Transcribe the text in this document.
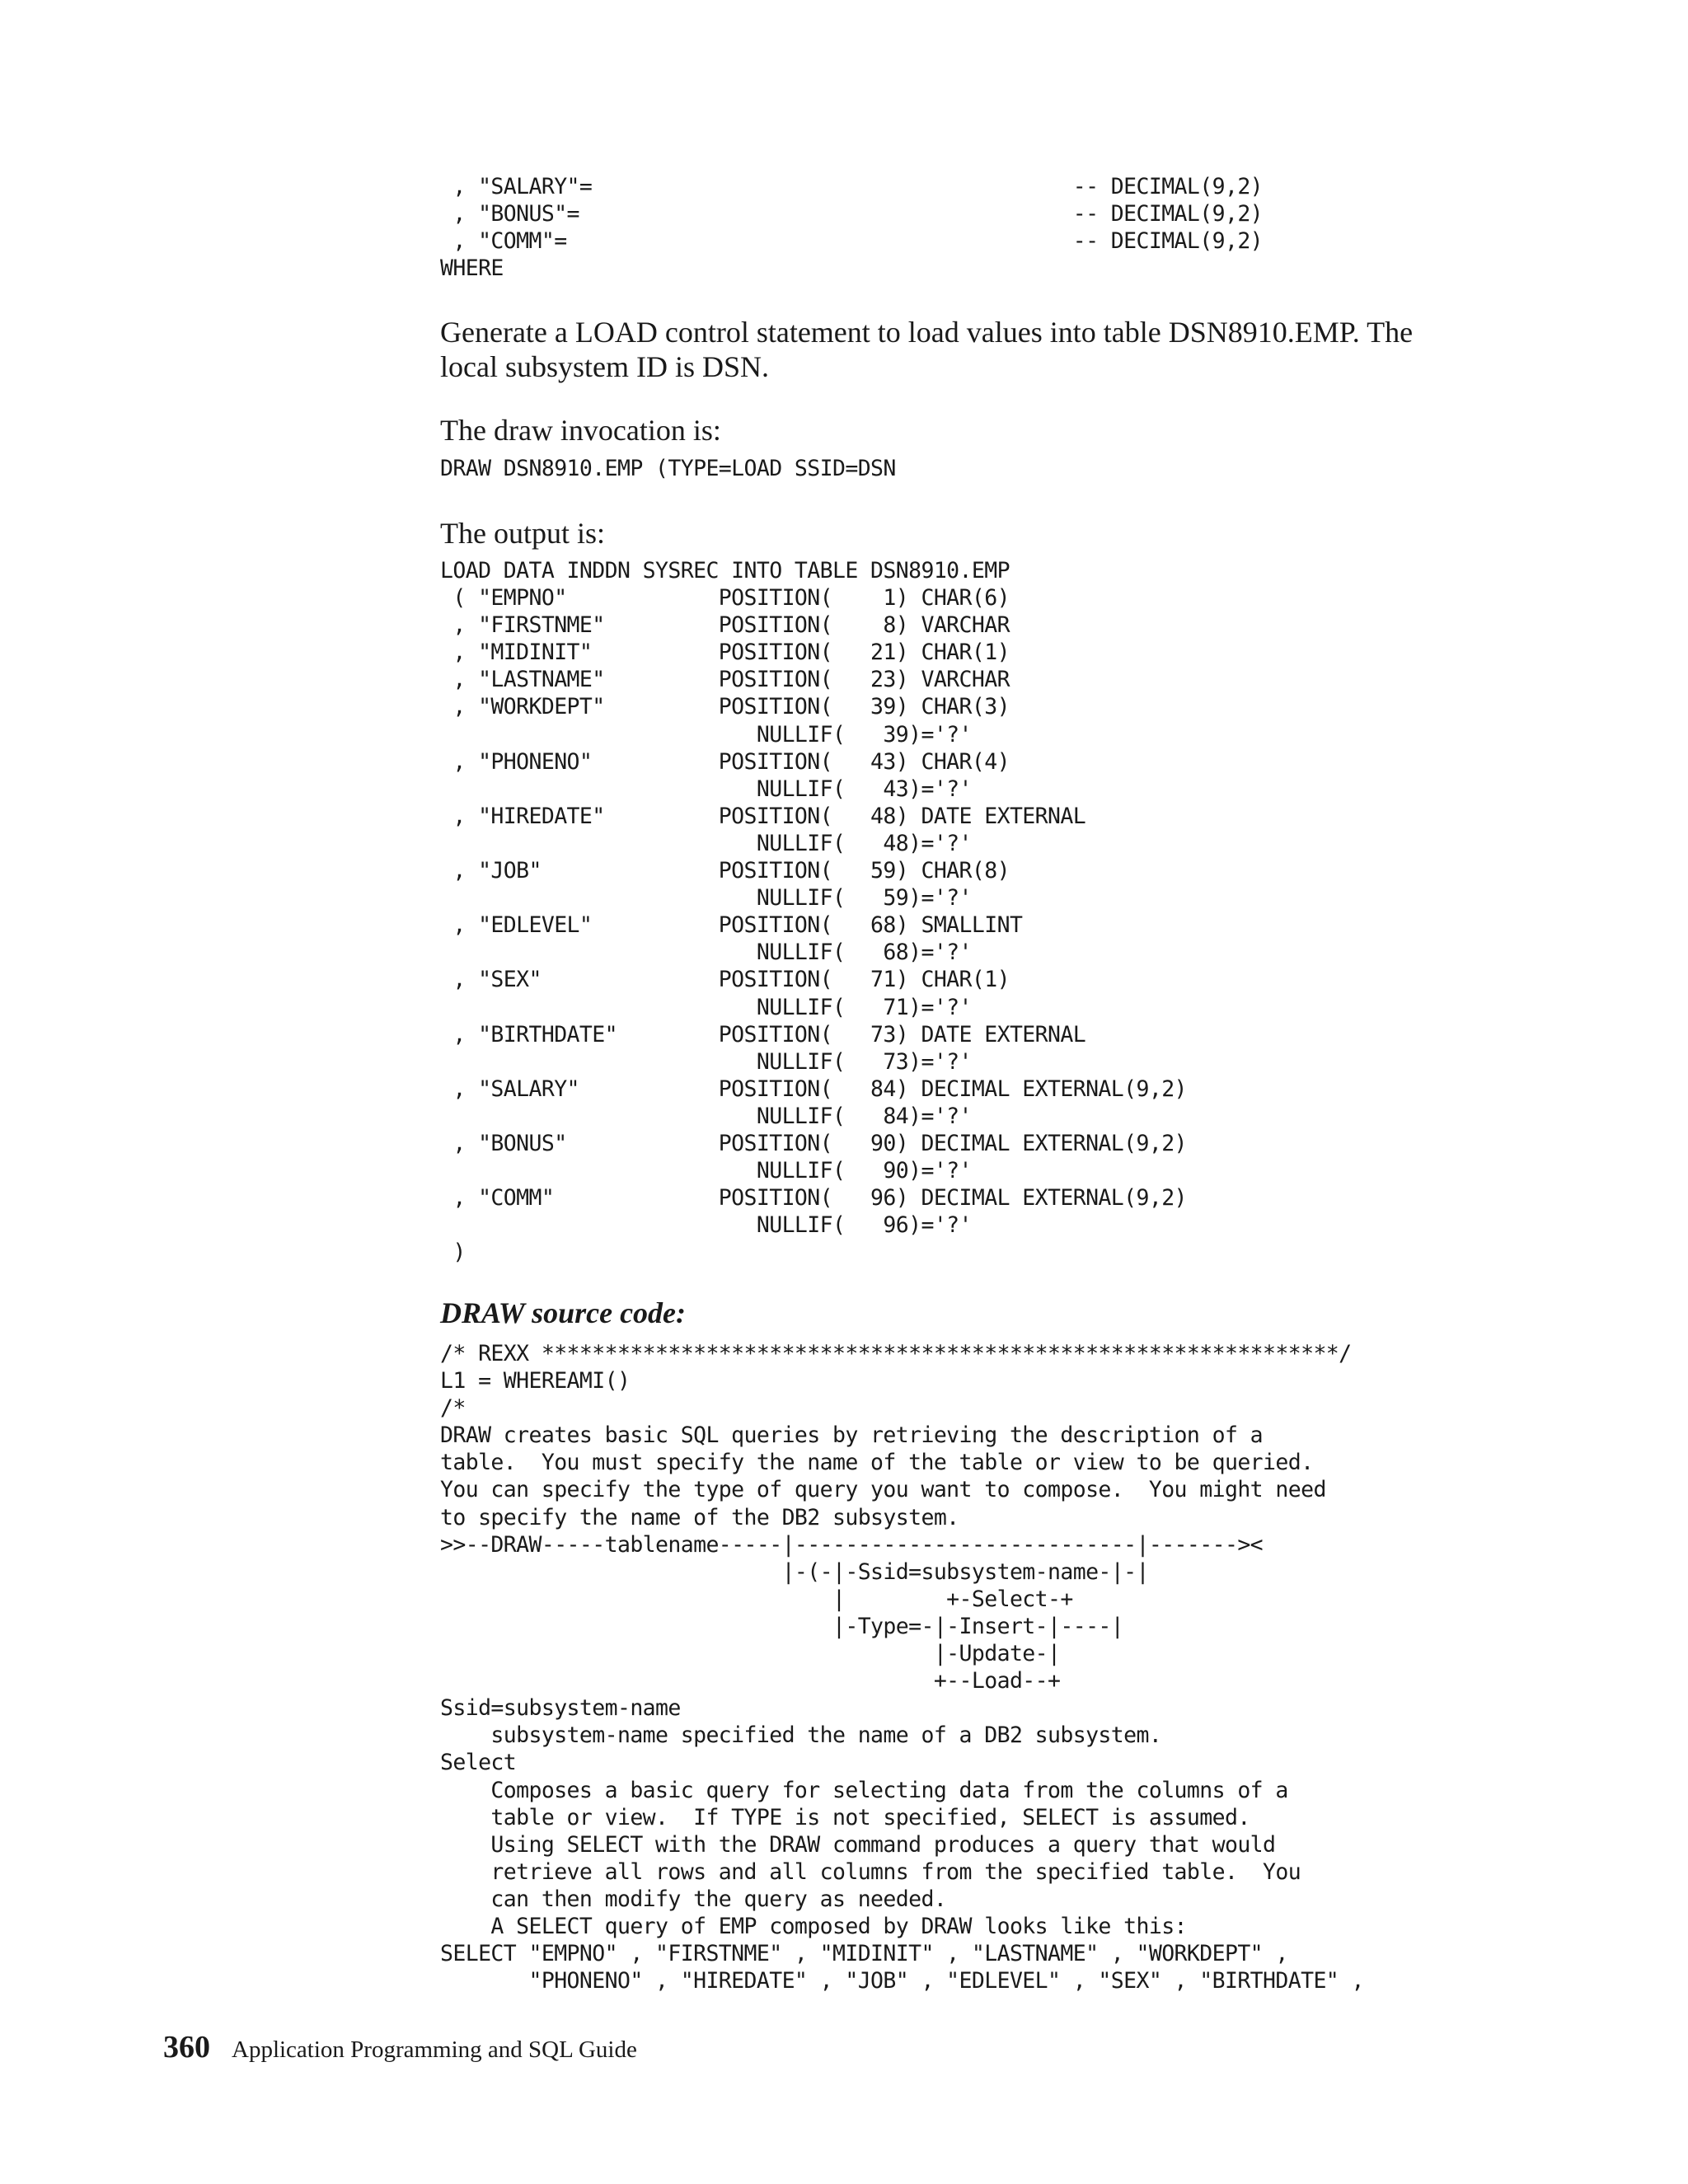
, "SALARY"=                                      -- DECIMAL(9,2)
, "BONUS"=                                       -- DECIMAL(9,2)
, "COMM"=                                        -- DECIMAL(9,2)
WHERE

Generate a LOAD control statement to load values into table DSN8910.EMP. The local subsystem ID is DSN.

The draw invocation is:

DRAW DSN8910.EMP (TYPE=LOAD SSID=DSN

The output is:

LOAD DATA INDDN SYSREC INTO TABLE DSN8910.EMP
( "EMPNO"            POSITION(    1) CHAR(6)
, "FIRSTNME"         POSITION(    8) VARCHAR
, "MIDINIT"          POSITION(   21) CHAR(1)
, "LASTNAME"         POSITION(   23) VARCHAR
, "WORKDEPT"         POSITION(   39) CHAR(3)
NULLIF(   39)='?'
, "PHONENO"          POSITION(   43) CHAR(4)
NULLIF(   43)='?'
, "HIREDATE"         POSITION(   48) DATE EXTERNAL
NULLIF(   48)='?'
, "JOB"              POSITION(   59) CHAR(8)
NULLIF(   59)='?'
, "EDLEVEL"          POSITION(   68) SMALLINT
NULLIF(   68)='?'
, "SEX"              POSITION(   71) CHAR(1)
NULLIF(   71)='?'
, "BIRTHDATE"        POSITION(   73) DATE EXTERNAL
NULLIF(   73)='?'
, "SALARY"           POSITION(   84) DECIMAL EXTERNAL(9,2)
NULLIF(   84)='?'
, "BONUS"            POSITION(   90) DECIMAL EXTERNAL(9,2)
NULLIF(   90)='?'
, "COMM"             POSITION(   96) DECIMAL EXTERNAL(9,2)
NULLIF(   96)='?'
)

DRAW source code:

/* REXX ***************************************************************/
L1 = WHEREAMI()
/*
DRAW creates basic SQL queries by retrieving the description of a
table.  You must specify the name of the table or view to be queried.
You can specify the type of query you want to compose.  You might need
to specify the name of the DB2 subsystem.
>>--DRAW-----tablename-----|---------------------------|-------><
|-(-|-Ssid=subsystem-name-|-|
|        +-Select-+
|-Type=-|-Insert-|----|
|-Update-|
+--Load--+
Ssid=subsystem-name
subsystem-name specified the name of a DB2 subsystem.
Select
Composes a basic query for selecting data from the columns of a
table or view.  If TYPE is not specified, SELECT is assumed.
Using SELECT with the DRAW command produces a query that would
retrieve all rows and all columns from the specified table.  You
can then modify the query as needed.
A SELECT query of EMP composed by DRAW looks like this:
SELECT "EMPNO" , "FIRSTNME" , "MIDINIT" , "LASTNAME" , "WORKDEPT" ,
"PHONENO" , "HIREDATE" , "JOB" , "EDLEVEL" , "SEX" , "BIRTHDATE" ,
360 Application Programming and SQL Guide
